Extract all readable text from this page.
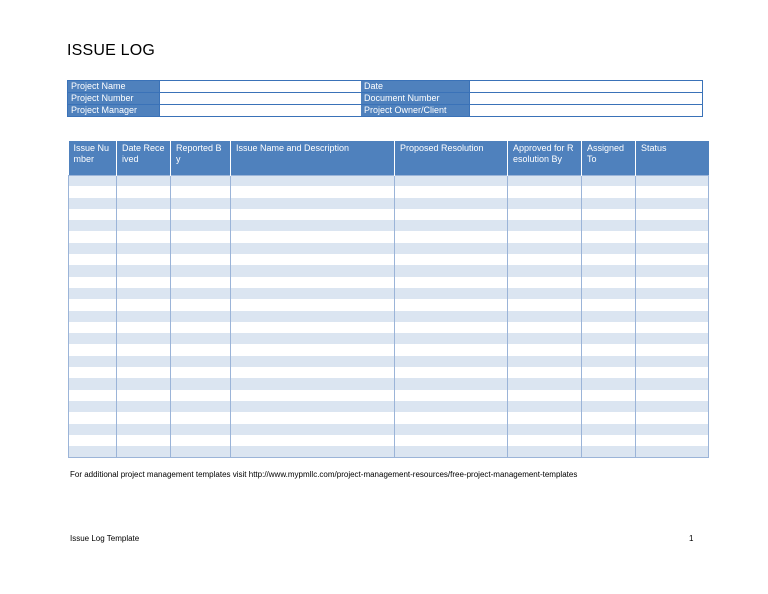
ISSUE LOG
Project Name	Date
Project Number	Document Number
Project Manager	Project Owner/Client
Issue Number	Date Received	Reported By	Issue Name and Description	Proposed Resolution	Approved for Resolution By	Assigned To	Status

For additional project management templates visit http://www.mypmllc.com/project-management-resources/free-project-management-templates
Issue Log Template	1
